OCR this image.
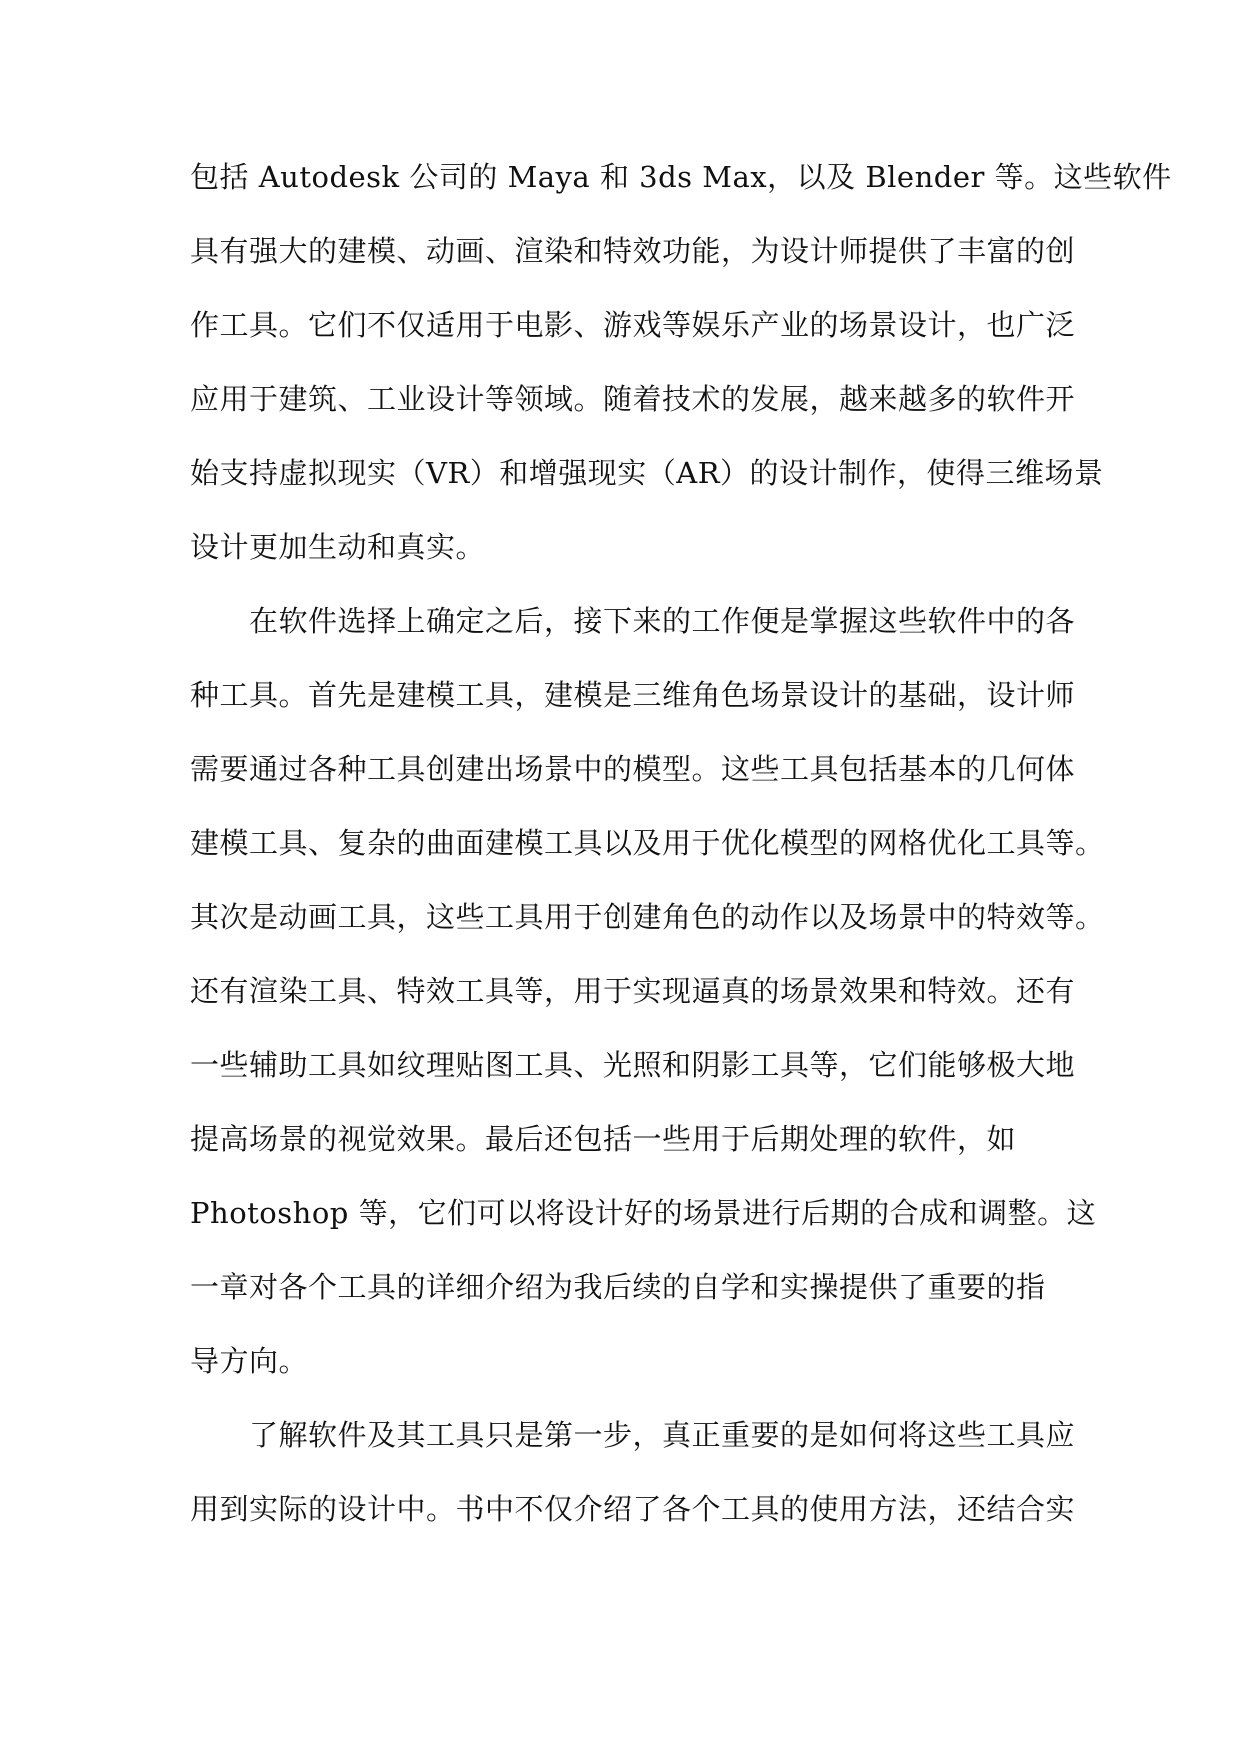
包括 Autodesk 公司的 Maya 和 3ds Max，以及 Blender 等。这些软件
具有强大的建模、动画、渲染和特效功能，为设计师提供了丰富的创
作工具。它们不仅适用于电影、游戏等娱乐产业的场景设计，也广泛
应用于建筑、工业设计等领域。随着技术的发展，越来越多的软件开
始支持虚拟现实（VR）和增强现实（AR）的设计制作，使得三维场景
设计更加生动和真实。
　　在软件选择上确定之后，接下来的工作便是掌握这些软件中的各
种工具。首先是建模工具，建模是三维角色场景设计的基础，设计师
需要通过各种工具创建出场景中的模型。这些工具包括基本的几何体
建模工具、复杂的曲面建模工具以及用于优化模型的网格优化工具等。
其次是动画工具，这些工具用于创建角色的动作以及场景中的特效等。
还有渲染工具、特效工具等，用于实现逼真的场景效果和特效。还有
一些辅助工具如纹理贴图工具、光照和阴影工具等，它们能够极大地
提高场景的视觉效果。最后还包括一些用于后期处理的软件，如
Photoshop 等，它们可以将设计好的场景进行后期的合成和调整。这
一章对各个工具的详细介绍为我后续的自学和实操提供了重要的指
导方向。
　　了解软件及其工具只是第一步，真正重要的是如何将这些工具应
用到实际的设计中。书中不仅介绍了各个工具的使用方法，还结合实
